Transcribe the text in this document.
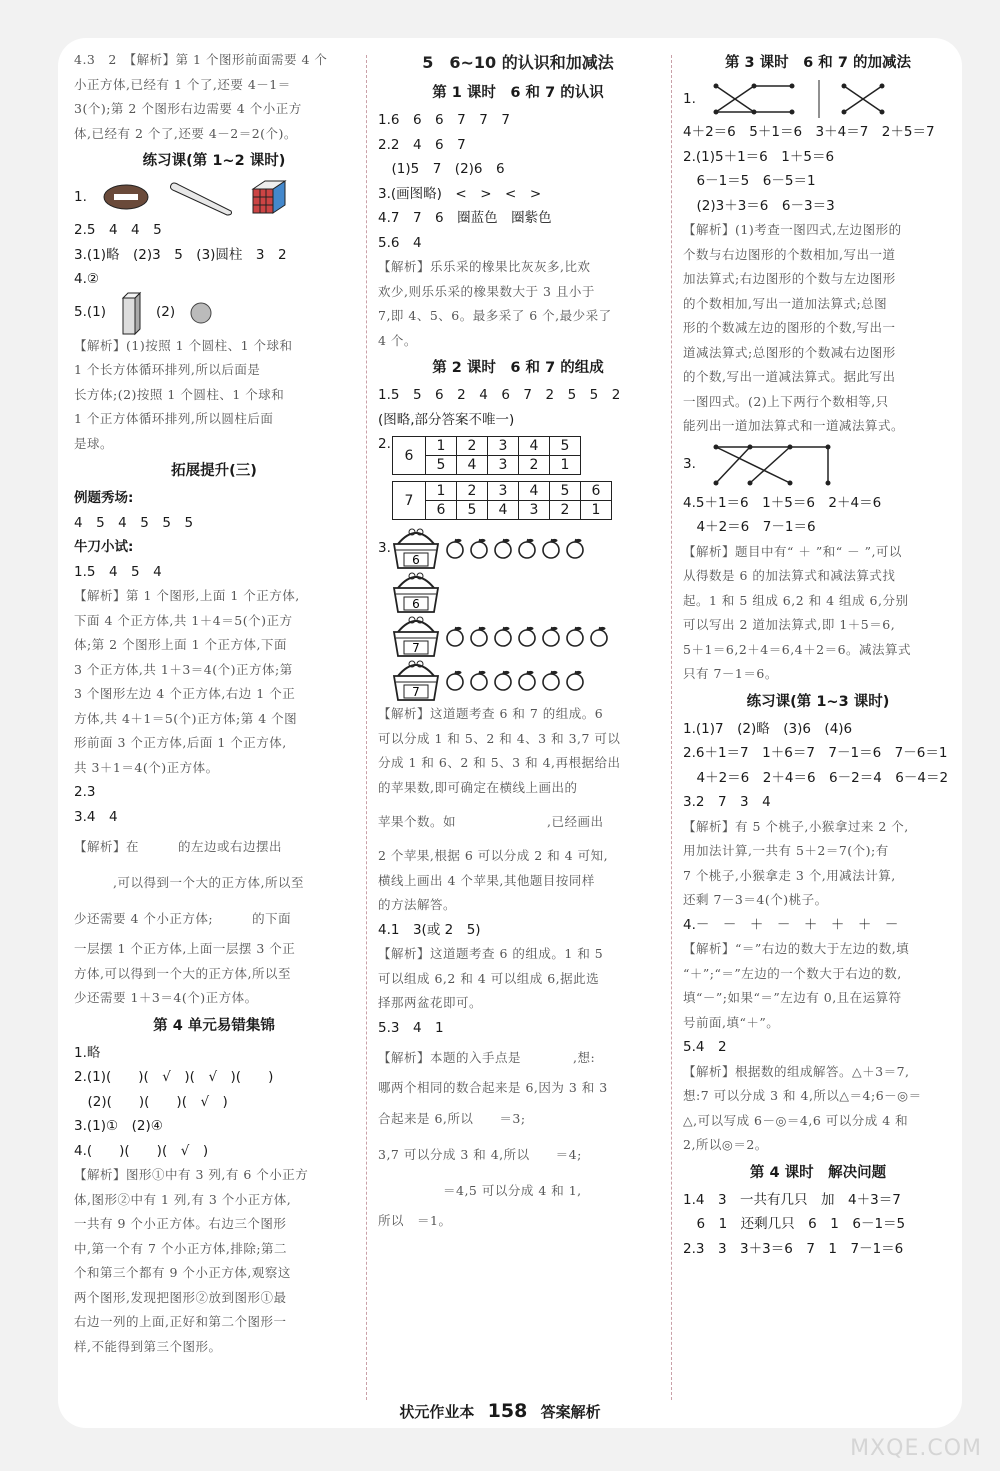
4.3　2　【解析】第 1 个图形前面需要 4 个
小正方体,已经有 1 个了,还要 4－1＝
3(个);第 2 个图形右边需要 4 个小正方
体,已经有 2 个了,还要 4－2＝2(个)。
练习课(第 1~2 课时)
1.
2.5　4　4　5
3.(1)略　(2)3　5　(3)圆柱　3　2
4.②
5.(1)	(2)
【解析】(1)按照 1 个圆柱、1 个球和
1 个长方体循环排列,所以后面是
长方体;(2)按照 1 个圆柱、1 个球和
1 个正方体循环排列,所以圆柱后面
是球。
拓展提升(三)
例题秀场:
4　5　4　5　5　5
牛刀小试:
1.5　4　5　4
【解析】第 1 个图形,上面 1 个正方体,
下面 4 个正方体,共 1＋4＝5(个)正方
体;第 2 个图形上面 1 个正方体,下面
3 个正方体,共 1＋3＝4(个)正方体;第
3 个图形左边 4 个正方体,右边 1 个正
方体,共 4＋1＝5(个)正方体;第 4 个图
形前面 3 个正方体,后面 1 个正方体,
共 3＋1＝4(个)正方体。
2.3
3.4　4
【解析】在　　　的左边或右边摆出
　　　,可以得到一个大的正方体,所以至
少还需要 4 个小正方体;　　　的下面
一层摆 1 个正方体,上面一层摆 3 个正
方体,可以得到一个大的正方体,所以至
少还需要 1＋3＝4(个)正方体。
第 4 单元易错集锦
1.略
2.(1)(　　)(　√　)(　√　)(　　)
　(2)(　　)(　　)(　√　)
3.(1)①　(2)④
4.(　　)(　　)(　√　)
【解析】图形①中有 3 列,有 6 个小正方
体,图形②中有 1 列,有 3 个小正方体,
一共有 9 个小正方体。右边三个图形
中,第一个有 7 个小正方体,排除;第二
个和第三个都有 9 个小正方体,观察这
两个图形,发现把图形②放到图形①最
右边一列的上面,正好和第二个图形一
样,不能得到第三个图形。
5　6~10 的认识和加减法
第 1 课时　6 和 7 的认识
1.6　6　6　7　7　7
2.2　4　6　7
　(1)5　7　(2)6　6
3.(画图略)　<　>　<　>
4.7　7　6　圈蓝色　圈紫色
5.6　4
【解析】乐乐采的橡果比灰灰多,比欢
欢少,则乐乐采的橡果数大于 3 且小于
7,即 4、5、6。最多采了 6 个,最少采了
4 个。
第 2 课时　6 和 7 的组成
1.5　5　6　2　4　6　7　2　5　5　2
(图略,部分答案不唯一)
2.
6	1	2	3	4	5
	5	4	3	2	1
7	1	2	3	4	5	6
	6	5	4	3	2	1
3.
6
6
7
7
【解析】这道题考查 6 和 7 的组成。6
可以分成 1 和 5、2 和 4、3 和 3,7 可以
分成 1 和 6、2 和 5、3 和 4,再根据给出
的苹果数,即可确定在横线上画出的
苹果个数。如　　　　　　　,已经画出
2 个苹果,根据 6 可以分成 2 和 4 可知,
横线上画出 4 个苹果,其他题目按同样
的方法解答。
4.1　3(或 2　5)
【解析】这道题考查 6 的组成。1 和 5
可以组成 6,2 和 4 可以组成 6,据此选
择那两盆花即可。
5.3　4　1
【解析】本题的入手点是　　　　,想:
哪两个相同的数合起来是 6,因为 3 和 3
合起来是 6,所以　　＝3;
3,7 可以分成 3 和 4,所以　　＝4;
　　　　　＝4,5 可以分成 4 和 1,
所以　＝1。
第 3 课时　6 和 7 的加减法
1.
4＋2＝6　5＋1＝6　3＋4＝7　2＋5＝7
2.(1)5＋1＝6　1＋5＝6
　6－1＝5　6－5＝1
　(2)3＋3＝6　6－3＝3
【解析】(1)考查一图四式,左边图形的
个数与右边图形的个数相加,写出一道
加法算式;右边图形的个数与左边图形
的个数相加,写出一道加法算式;总图
形的个数减左边的图形的个数,写出一
道减法算式;总图形的个数减右边图形
的个数,写出一道减法算式。据此写出
一图四式。(2)上下两行个数相等,只
能列出一道加法算式和一道减法算式。
3.
4.5＋1＝6　1＋5＝6　2＋4＝6
　4＋2＝6　7－1＝6
【解析】题目中有“ ＋ ”和“ － ”,可以
从得数是 6 的加法算式和减法算式找
起。1 和 5 组成 6,2 和 4 组成 6,分别
可以写出 2 道加法算式,即 1＋5＝6,
5＋1＝6,2＋4＝6,4＋2＝6。减法算式
只有 7－1＝6。
练习课(第 1~3 课时)
1.(1)7　(2)略　(3)6　(4)6
2.6＋1＝7　1＋6＝7　7－1＝6　7－6＝1
　4＋2＝6　2＋4＝6　6－2＝4　6－4＝2
3.2　7　3　4
【解析】有 5 个桃子,小猴拿过来 2 个,
用加法计算,一共有 5＋2＝7(个);有
7 个桃子,小猴拿走 3 个,用减法计算,
还剩 7－3＝4(个)桃子。
4.－　－　＋　－　＋　＋　＋　－
【解析】“＝”右边的数大于左边的数,填
“＋”;“＝”左边的一个数大于右边的数,
填“－”;如果“＝”左边有 0,且在运算符
号前面,填“＋”。
5.4　2
【解析】根据数的组成解答。△＋3＝7,
想:7 可以分成 3 和 4,所以△＝4;6－◎＝
△,可以写成 6－◎＝4,6 可以分成 4 和
2,所以◎＝2。
第 4 课时　解决问题
1.4　3　一共有几只　加　4＋3＝7
　6　1　还剩几只　6　1　6－1＝5
2.3　3　3＋3＝6　7　1　7－1＝6
状元作业本 158 答案解析
MXQE.COM
